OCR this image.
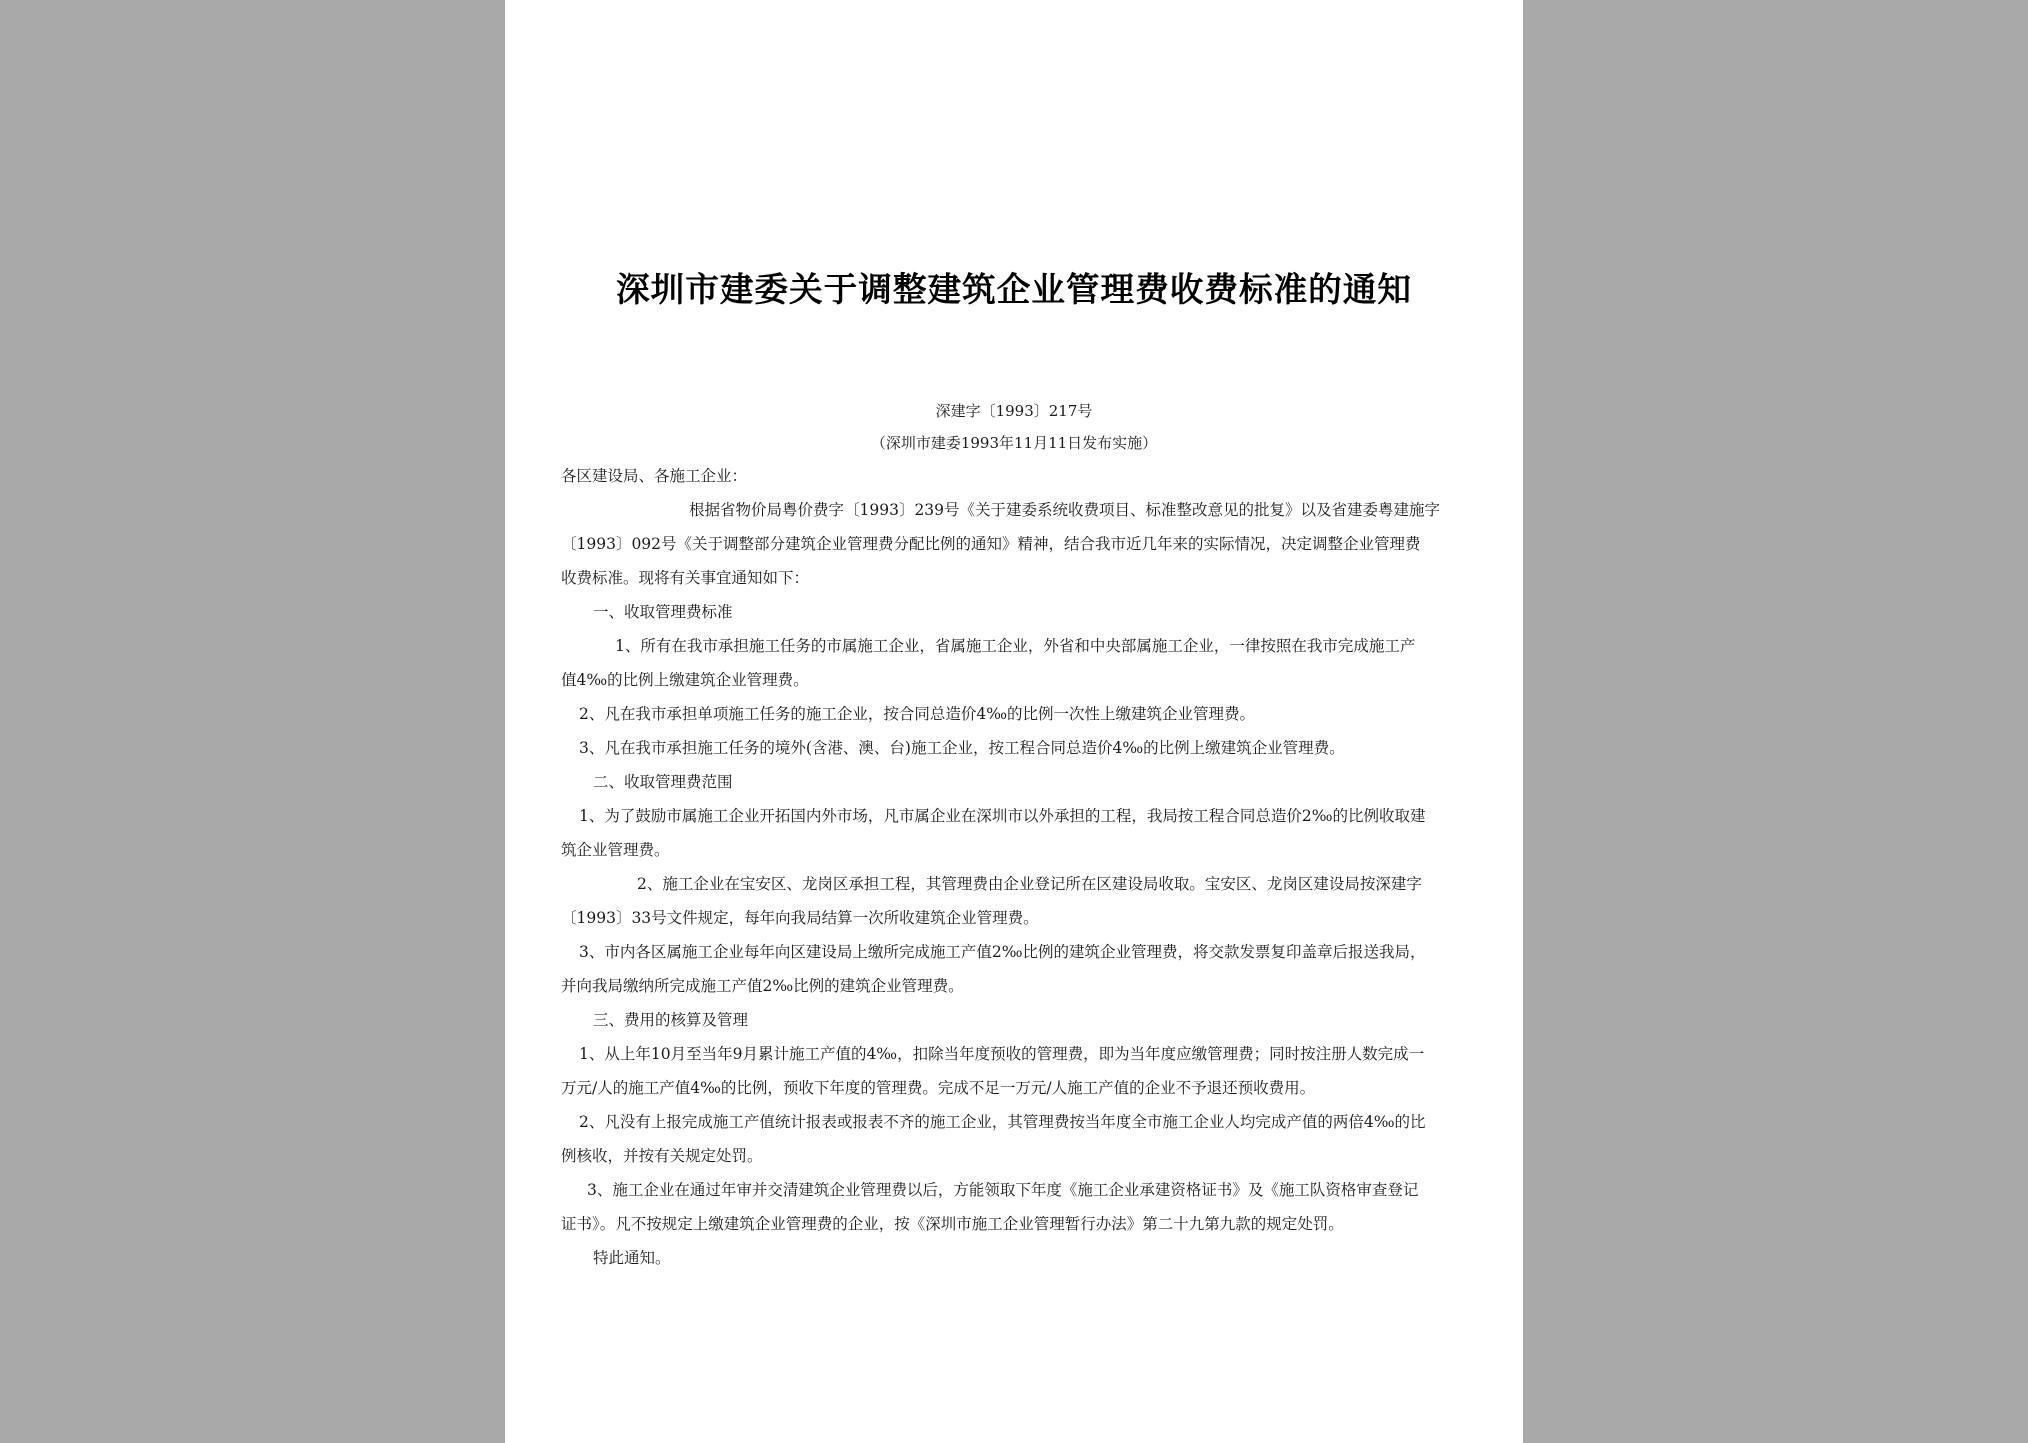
深圳市建委关于调整建筑企业管理费收费标准的通知
深建字〔1993〕217号
（深圳市建委1993年11月11日发布实施）
各区建设局、各施工企业：
根据省物价局粤价费字〔1993〕239号《关于建委系统收费项目、标准整改意见的批复》以及省建委粤建施字
〔1993〕092号《关于调整部分建筑企业管理费分配比例的通知》精神，结合我市近几年来的实际情况，决定调整企业管理费
收费标准。现将有关事宜通知如下：
一、收取管理费标准
1、所有在我市承担施工任务的市属施工企业，省属施工企业，外省和中央部属施工企业，一律按照在我市完成施工产
值4‰的比例上缴建筑企业管理费。
2、凡在我市承担单项施工任务的施工企业，按合同总造价4‰的比例一次性上缴建筑企业管理费。
3、凡在我市承担施工任务的境外(含港、澳、台)施工企业，按工程合同总造价4‰的比例上缴建筑企业管理费。
二、收取管理费范围
1、为了鼓励市属施工企业开拓国内外市场，凡市属企业在深圳市以外承担的工程，我局按工程合同总造价2‰的比例收取建
筑企业管理费。
2、施工企业在宝安区、龙岗区承担工程，其管理费由企业登记所在区建设局收取。宝安区、龙岗区建设局按深建字
〔1993〕33号文件规定，每年向我局结算一次所收建筑企业管理费。
3、市内各区属施工企业每年向区建设局上缴所完成施工产值2‰比例的建筑企业管理费，将交款发票复印盖章后报送我局，
并向我局缴纳所完成施工产值2‰比例的建筑企业管理费。
三、费用的核算及管理
1、从上年10月至当年9月累计施工产值的4‰，扣除当年度预收的管理费，即为当年度应缴管理费；同时按注册人数完成一
万元/人的施工产值4‰的比例，预收下年度的管理费。完成不足一万元/人施工产值的企业不予退还预收费用。
2、凡没有上报完成施工产值统计报表或报表不齐的施工企业，其管理费按当年度全市施工企业人均完成产值的两倍4‰的比
例核收，并按有关规定处罚。
3、施工企业在通过年审并交清建筑企业管理费以后，方能领取下年度《施工企业承建资格证书》及《施工队资格审查登记
证书》。凡不按规定上缴建筑企业管理费的企业，按《深圳市施工企业管理暂行办法》第二十九第九款的规定处罚。
特此通知。
